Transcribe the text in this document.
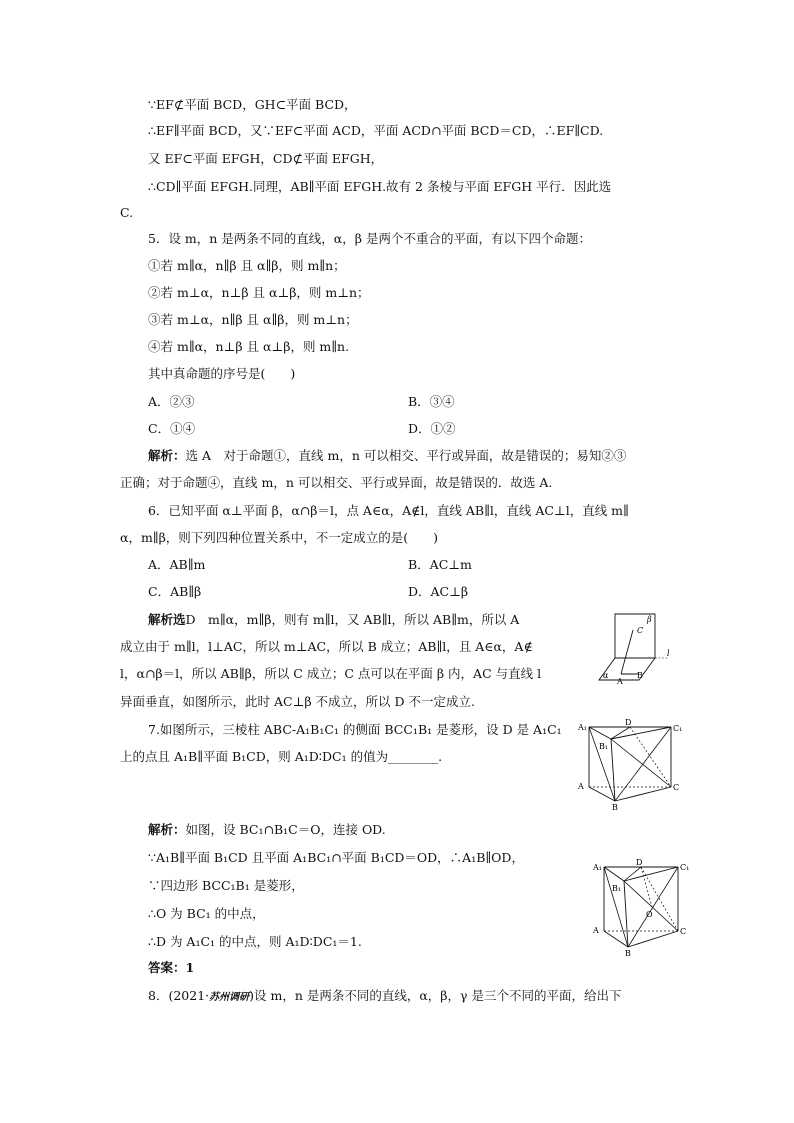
∵EF⊄平面 BCD，GH⊂平面 BCD，
∴EF∥平面 BCD，又∵EF⊂平面 ACD，平面 ACD∩平面 BCD＝CD，∴EF∥CD.
又 EF⊂平面 EFGH，CD⊄平面 EFGH，
∴CD∥平面 EFGH.同理，AB∥平面 EFGH.故有 2 条棱与平面 EFGH 平行．因此选
C.
5．设 m，n 是两条不同的直线，α，β 是两个不重合的平面，有以下四个命题：
①若 m∥α，n∥β 且 α∥β，则 m∥n；
②若 m⊥α，n⊥β 且 α⊥β，则 m⊥n；
③若 m⊥α，n∥β 且 α∥β，则 m⊥n；
④若 m∥α，n⊥β 且 α⊥β，则 m∥n.
其中真命题的序号是(　　)
A．②③	B．③④
C．①④	D．①②
解析：选 A　对于命题①，直线 m，n 可以相交、平行或异面，故是错误的；易知②③
正确；对于命题④，直线 m，n 可以相交、平行或异面，故是错误的．故选 A.
6．已知平面 α⊥平面 β，α∩β＝l，点 A∈α，A∉l，直线 AB∥l，直线 AC⊥l，直线 m∥
α，m∥β，则下列四种位置关系中，不一定成立的是(　　)
A．AB∥m	B．AC⊥m
C．AB∥β	D．AC⊥β
解析选D　m∥α，m∥β，则有 m∥l，又 AB∥l，所以 AB∥m，所以 A
成立由于 m∥l，l⊥AC，所以 m⊥AC，所以 B 成立；AB∥l，且 A∈α，A∉
l，α∩β＝l，所以 AB∥β，所以 C 成立；C 点可以在平面 β 内，AC 与直线 l
异面垂直，如图所示，此时 AC⊥β 不成立，所以 D 不一定成立.
7.如图所示，三棱柱 ABC-A₁B₁C₁ 的侧面 BCC₁B₁ 是菱形，设 D 是 A₁C₁
上的点且 A₁B∥平面 B₁CD，则 A₁D∶DC₁ 的值为________.
解析：如图，设 BC₁∩B₁C＝O，连接 OD.
∵A₁B∥平面 B₁CD 且平面 A₁BC₁∩平面 B₁CD＝OD，∴A₁B∥OD，
∵四边形 BCC₁B₁ 是菱形，
∴O 为 BC₁ 的中点，
∴D 为 A₁C₁ 的中点，则 A₁D∶DC₁＝1.
答案：1
8．(2021·苏州调研)设 m，n 是两条不同的直线，α，β，γ 是三个不同的平面，给出下
C
β
l
α
A
B
A₁
D
C₁
B₁
A	C
B
A₁
D
C₁
B₁
O
A	C
B
